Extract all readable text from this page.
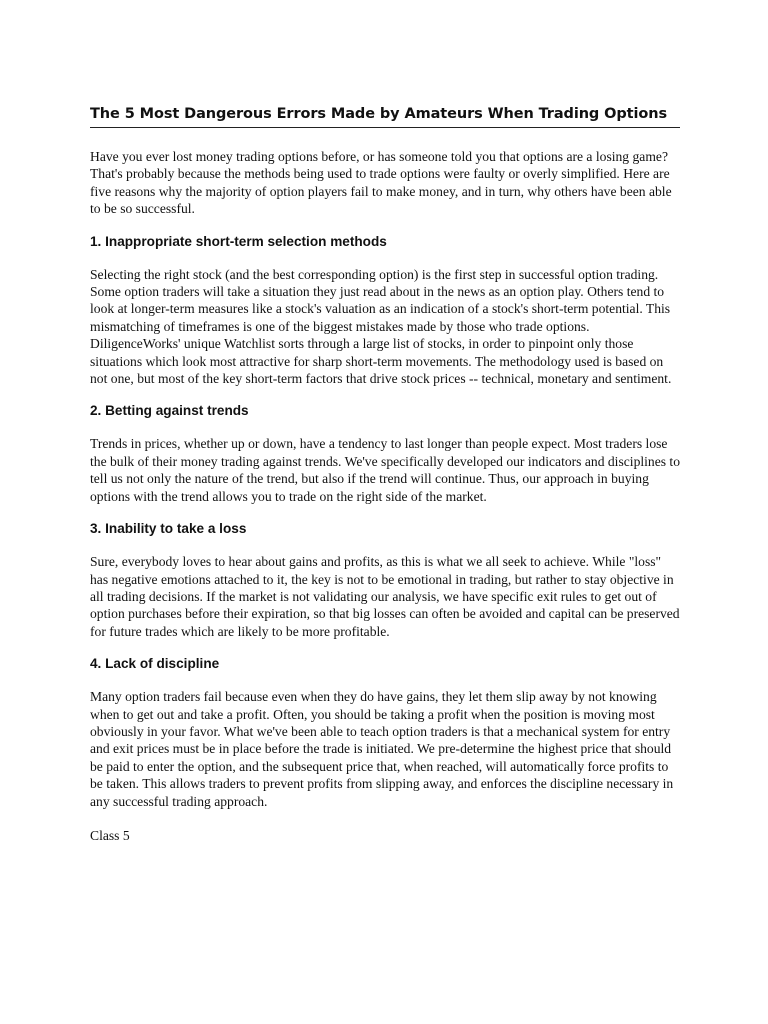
The 5 Most Dangerous Errors Made by Amateurs When Trading Options

Have you ever lost money trading options before, or has someone told you that options are a losing game? That's probably because the methods being used to trade options were faulty or overly simplified. Here are five reasons why the majority of option players fail to make money, and in turn, why others have been able to be so successful.

1. Inappropriate short-term selection methods

Selecting the right stock (and the best corresponding option) is the first step in successful option trading. Some option traders will take a situation they just read about in the news as an option play. Others tend to look at longer-term measures like a stock's valuation as an indication of a stock's short-term potential. This mismatching of timeframes is one of the biggest mistakes made by those who trade options. DiligenceWorks' unique Watchlist sorts through a large list of stocks, in order to pinpoint only those situations which look most attractive for sharp short-term movements. The methodology used is based on not one, but most of the key short-term factors that drive stock prices -- technical, monetary and sentiment.

2. Betting against trends

Trends in prices, whether up or down, have a tendency to last longer than people expect. Most traders lose the bulk of their money trading against trends. We've specifically developed our indicators and disciplines to tell us not only the nature of the trend, but also if the trend will continue. Thus, our approach in buying options with the trend allows you to trade on the right side of the market.

3. Inability to take a loss

Sure, everybody loves to hear about gains and profits, as this is what we all seek to achieve. While "loss" has negative emotions attached to it, the key is not to be emotional in trading, but rather to stay objective in all trading decisions. If the market is not validating our analysis, we have specific exit rules to get out of option purchases before their expiration, so that big losses can often be avoided and capital can be preserved for future trades which are likely to be more profitable.

4. Lack of discipline

Many option traders fail because even when they do have gains, they let them slip away by not knowing when to get out and take a profit. Often, you should be taking a profit when the position is moving most obviously in your favor. What we've been able to teach option traders is that a mechanical system for entry and exit prices must be in place before the trade is initiated. We pre-determine the highest price that should be paid to enter the option, and the subsequent price that, when reached, will automatically force profits to be taken. This allows traders to prevent profits from slipping away, and enforces the discipline necessary in any successful trading approach.

Class 5
